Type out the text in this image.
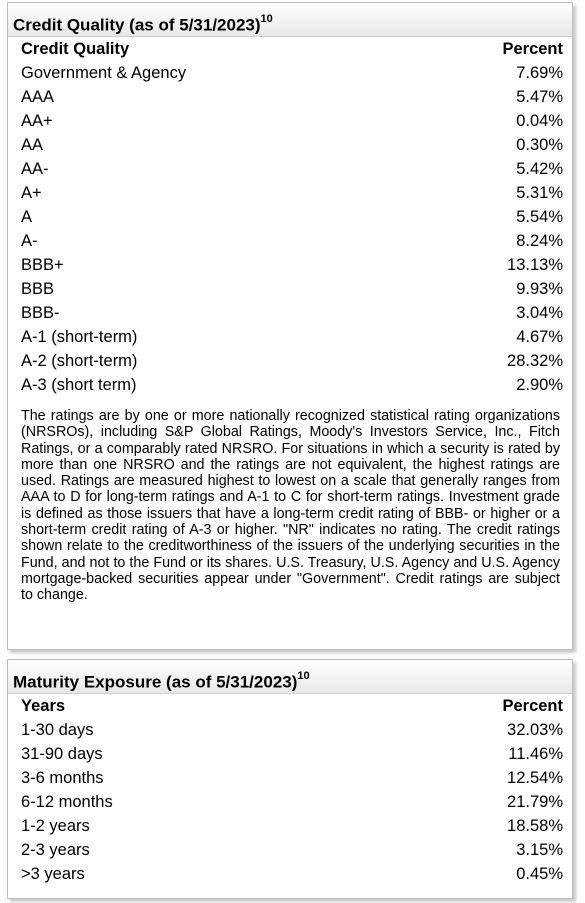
Credit Quality (as of 5/31/2023)$^{10}$
Credit Quality	Percent
Government & Agency	7.69%
AAA	5.47%
AA+	0.04%
AA	0.30%
AA-	5.42%
A+	5.31%
A	5.54%
A-	8.24%
BBB+	13.13%
BBB	9.93%
BBB-	3.04%
A-1 (short-term)	4.67%
A-2 (short-term)	28.32%
A-3 (short term)	2.90%
The ratings are by one or more nationally recognized statistical rating organizations (NRSROs), including S&P Global Ratings, Moody's Investors Service, Inc., Fitch Ratings, or a comparably rated NRSRO. For situations in which a security is rated by more than one NRSRO and the ratings are not equivalent, the highest ratings are used. Ratings are measured highest to lowest on a scale that generally ranges from AAA to D for long-term ratings and A-1 to C for short-term ratings. Investment grade is defined as those issuers that have a long-term credit rating of BBB- or higher or a short-term credit rating of A-3 or higher. "NR" indicates no rating. The credit ratings shown relate to the creditworthiness of the issuers of the underlying securities in the Fund, and not to the Fund or its shares. U.S. Treasury, U.S. Agency and U.S. Agency mortgage-backed securities appear under "Government". Credit ratings are subject to change.
Maturity Exposure (as of 5/31/2023)$^{10}$
Years	Percent
1-30 days	32.03%
31-90 days	11.46%
3-6 months	12.54%
6-12 months	21.79%
1-2 years	18.58%
2-3 years	3.15%
>3 years	0.45%
